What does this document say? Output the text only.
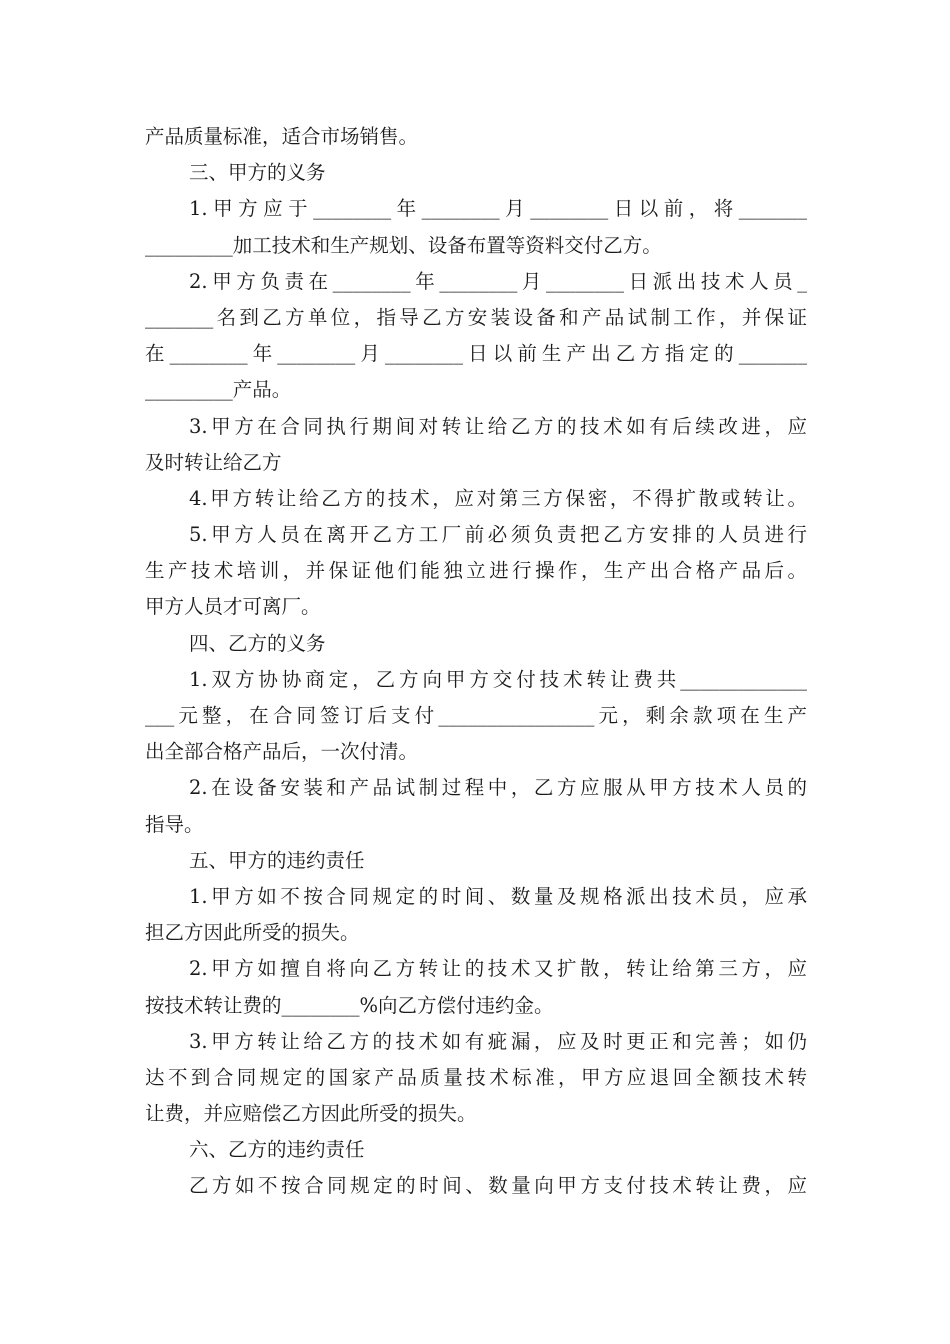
产品质量标准，适合市场销售。
三、甲方的义务
1.甲方应于________年________月________日以前，将_______
_________加工技术和生产规划、设备布置等资料交付乙方。
2.甲方负责在________年________月________日派出技术人员_
_______名到乙方单位，指导乙方安装设备和产品试制工作，并保证
在________年________月________日以前生产出乙方指定的_______
_________产品。
3.甲方在合同执行期间对转让给乙方的技术如有后续改进，应
及时转让给乙方
4.甲方转让给乙方的技术，应对第三方保密，不得扩散或转让。
5.甲方人员在离开乙方工厂前必须负责把乙方安排的人员进行
生产技术培训，并保证他们能独立进行操作，生产出合格产品后。
甲方人员才可离厂。
四、乙方的义务
1.双方协协商定，乙方向甲方交付技术转让费共_____________
___元整，在合同签订后支付________________元，剩余款项在生产
出全部合格产品后，一次付清。
2.在设备安装和产品试制过程中，乙方应服从甲方技术人员的
指导。
五、甲方的违约责任
1.甲方如不按合同规定的时间、数量及规格派出技术员，应承
担乙方因此所受的损失。
2.甲方如擅自将向乙方转让的技术又扩散，转让给第三方，应
按技术转让费的________%向乙方偿付违约金。
3.甲方转让给乙方的技术如有疵漏，应及时更正和完善；如仍
达不到合同规定的国家产品质量技术标准，甲方应退回全额技术转
让费，并应赔偿乙方因此所受的损失。
六、乙方的违约责任
乙方如不按合同规定的时间、数量向甲方支付技术转让费，应
